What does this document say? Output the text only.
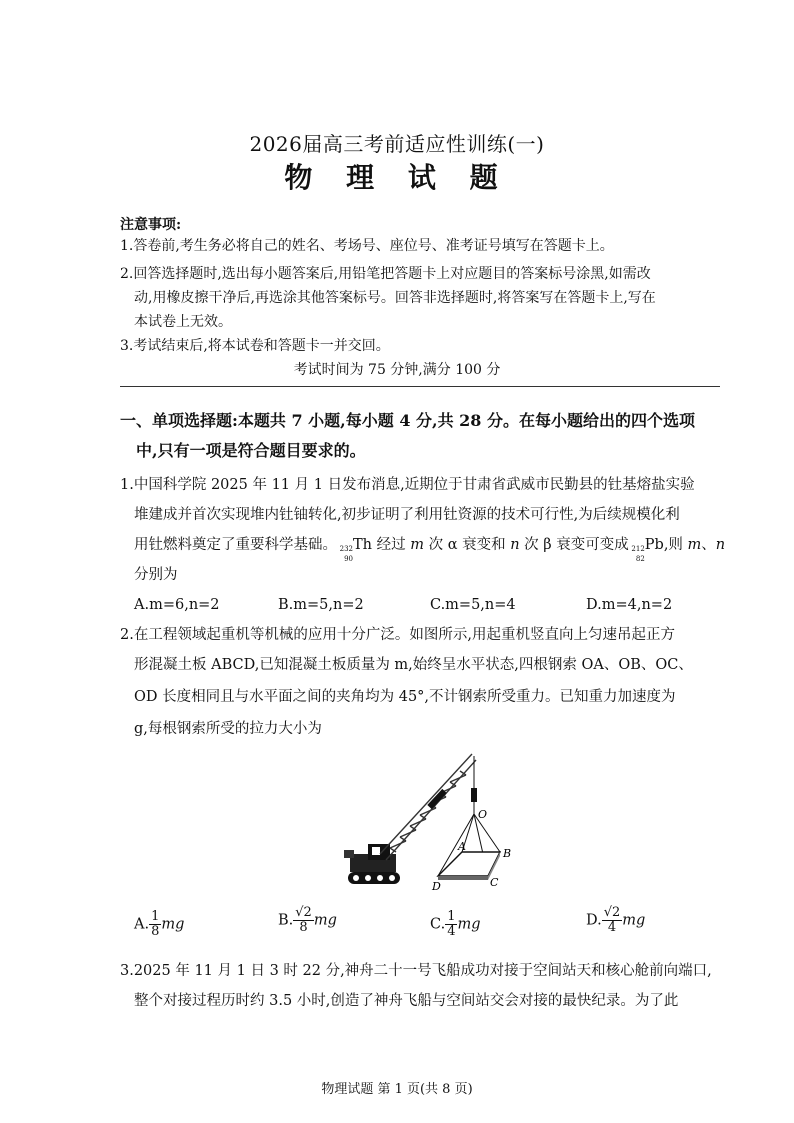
2026届高三考前适应性训练(一)
物 理 试 题
注意事项:
1.答卷前,考生务必将自己的姓名、考场号、座位号、准考证号填写在答题卡上。
2.回答选择题时,选出每小题答案后,用铅笔把答题卡上对应题目的答案标号涂黑,如需改
动,用橡皮擦干净后,再选涂其他答案标号。回答非选择题时,将答案写在答题卡上,写在
本试卷上无效。
3.考试结束后,将本试卷和答题卡一并交回。
考试时间为 75 分钟,满分 100 分
一、单项选择题:本题共 7 小题,每小题 4 分,共 28 分。在每小题给出的四个选项
中,只有一项是符合题目要求的。
1.中国科学院 2025 年 11 月 1 日发布消息,近期位于甘肃省武威市民勤县的钍基熔盐实验
堆建成并首次实现堆内钍铀转化,初步证明了利用钍资源的技术可行性,为后续规模化利
用钍燃料奠定了重要科学基础。 232
90
Th 经过 m 次 α 衰变和 n 次 β 衰变可变成 212
82
Pb,则 m、n
分别为
A.m=6,n=2	B.m=5,n=2	C.m=5,n=4	D.m=4,n=2
2.在工程领域起重机等机械的应用十分广泛。如图所示,用起重机竖直向上匀速吊起正方
形混凝土板 ABCD,已知混凝土板质量为 m,始终呈水平状态,四根钢索 OA、OB、OC、
OD 长度相同且与水平面之间的夹角均为 45°,不计钢索所受重力。已知重力加速度为
g,每根钢索所受的拉力大小为
O
A
B
C
D
A. $\frac{1}{8}$ mg	B. $\frac{√2}{8}$ mg	C. $\frac{1}{4}$ mg	D. $\frac{√2}{4}$ mg
3.2025 年 11 月 1 日 3 时 22 分,神舟二十一号飞船成功对接于空间站天和核心舱前向端口,
整个对接过程历时约 3.5 小时,创造了神舟飞船与空间站交会对接的最快纪录。为了此
物理试题 第 1 页(共 8 页)
